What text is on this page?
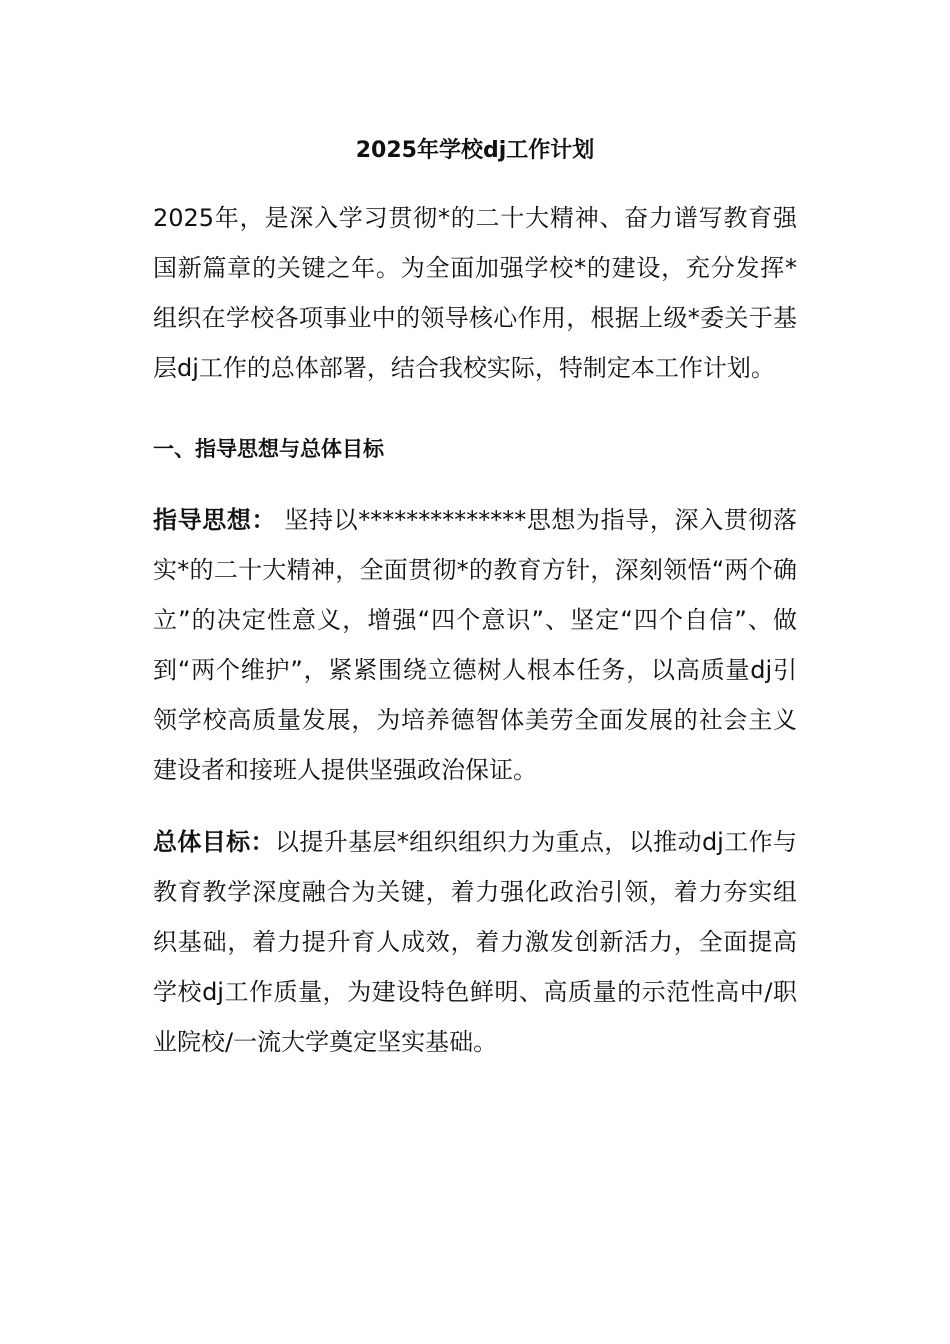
2025年学校dj工作计划

2025年，是深入学习贯彻*的二十大精神、奋力谱写教育强国新篇章的关键之年。为全面加强学校*的建设，充分发挥*组织在学校各项事业中的领导核心作用，根据上级*委关于基层dj工作的总体部署，结合我校实际，特制定本工作计划。

一、指导思想与总体目标

指导思想： 坚持以**************思想为指导，深入贯彻落实*的二十大精神，全面贯彻*的教育方针，深刻领悟“两个确立”的决定性意义，增强“四个意识”、坚定“四个自信”、做到“两个维护”，紧紧围绕立德树人根本任务，以高质量dj引领学校高质量发展，为培养德智体美劳全面发展的社会主义建设者和接班人提供坚强政治保证。

总体目标：以提升基层*组织组织力为重点，以推动dj工作与教育教学深度融合为关键，着力强化政治引领，着力夯实组织基础，着力提升育人成效，着力激发创新活力，全面提高学校dj工作质量，为建设特色鲜明、高质量的示范性高中/职业院校/一流大学奠定坚实基础。
